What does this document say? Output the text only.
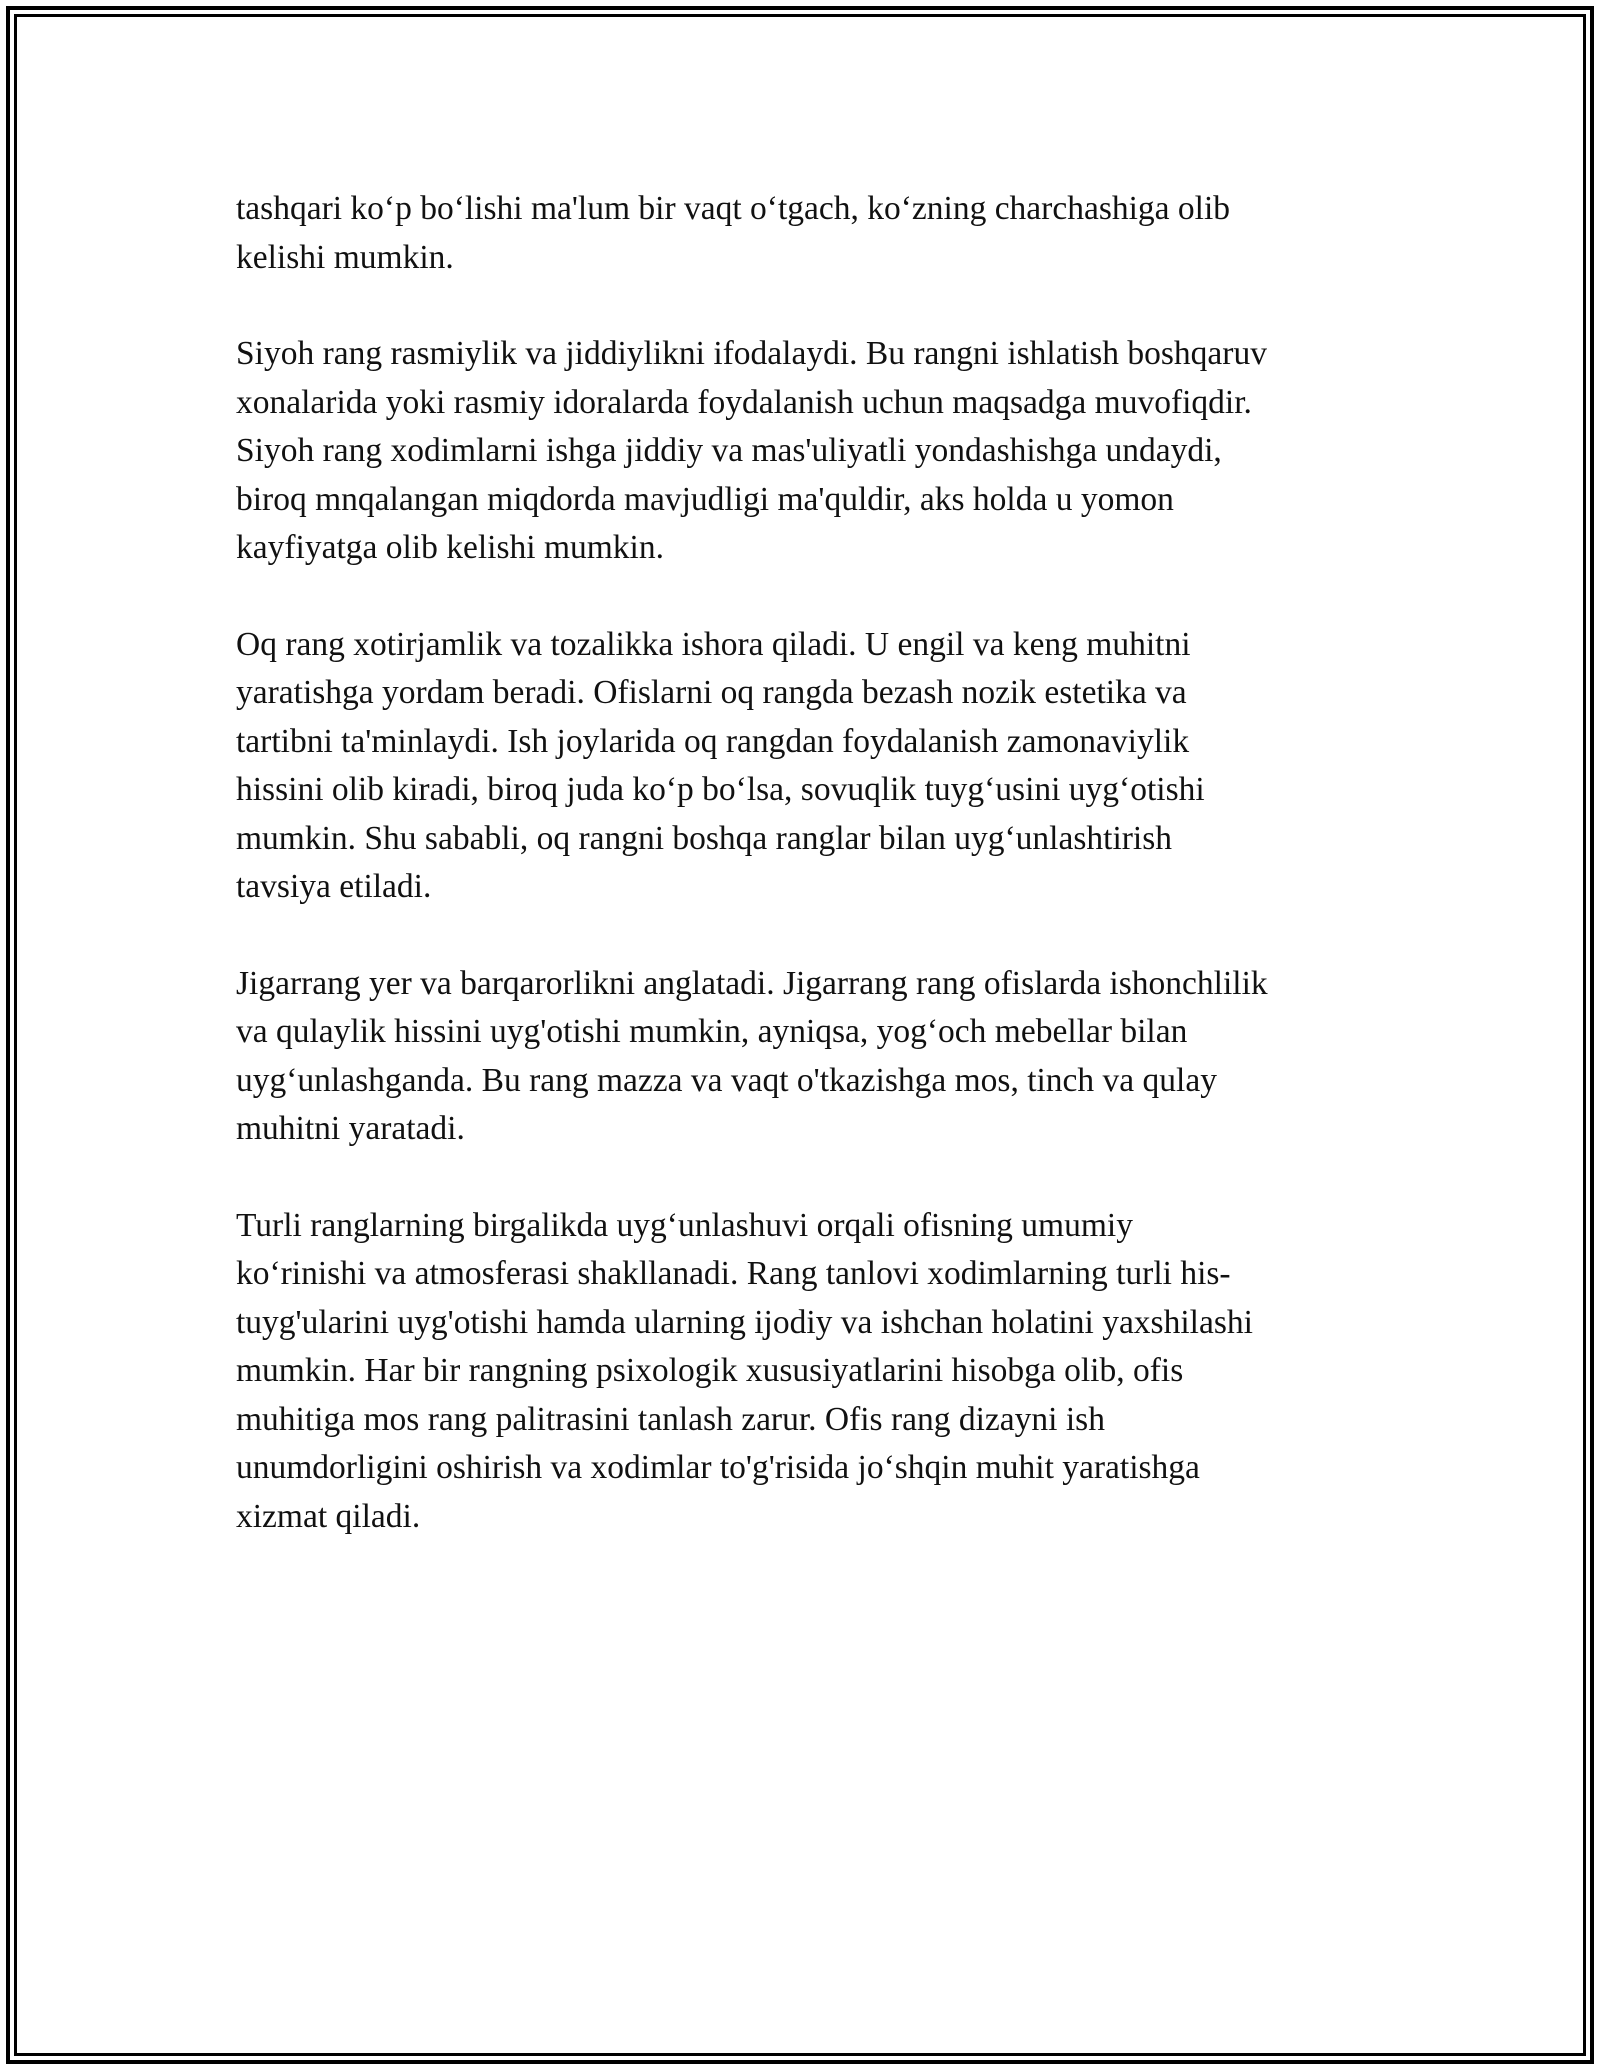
tashqari ko‘p bo‘lishi ma'lum bir vaqt o‘tgach, ko‘zning charchashiga olib
kelishi mumkin.

Siyoh rang rasmiylik va jiddiylikni ifodalaydi. Bu rangni ishlatish boshqaruv
xonalarida yoki rasmiy idoralarda foydalanish uchun maqsadga muvofiqdir.
Siyoh rang xodimlarni ishga jiddiy va mas'uliyatli yondashishga undaydi,
biroq mnqalangan miqdorda mavjudligi ma'quldir, aks holda u yomon
kayfiyatga olib kelishi mumkin.

Oq rang xotirjamlik va tozalikka ishora qiladi. U engil va keng muhitni
yaratishga yordam beradi. Ofislarni oq rangda bezash nozik estetika va
tartibni ta'minlaydi. Ish joylarida oq rangdan foydalanish zamonaviylik
hissini olib kiradi, biroq juda ko‘p bo‘lsa, sovuqlik tuyg‘usini uyg‘otishi
mumkin. Shu sababli, oq rangni boshqa ranglar bilan uyg‘unlashtirish
tavsiya etiladi.

Jigarrang yer va barqarorlikni anglatadi. Jigarrang rang ofislarda ishonchlilik
va qulaylik hissini uyg'otishi mumkin, ayniqsa, yog‘och mebellar bilan
uyg‘unlashganda. Bu rang mazza va vaqt o'tkazishga mos, tinch va qulay
muhitni yaratadi.

Turli ranglarning birgalikda uyg‘unlashuvi orqali ofisning umumiy
ko‘rinishi va atmosferasi shakllanadi. Rang tanlovi xodimlarning turli his-
tuyg'ularini uyg'otishi hamda ularning ijodiy va ishchan holatini yaxshilashi
mumkin. Har bir rangning psixologik xususiyatlarini hisobga olib, ofis
muhitiga mos rang palitrasini tanlash zarur. Ofis rang dizayni ish
unumdorligini oshirish va xodimlar to'g'risida jo‘shqin muhit yaratishga
xizmat qiladi.
